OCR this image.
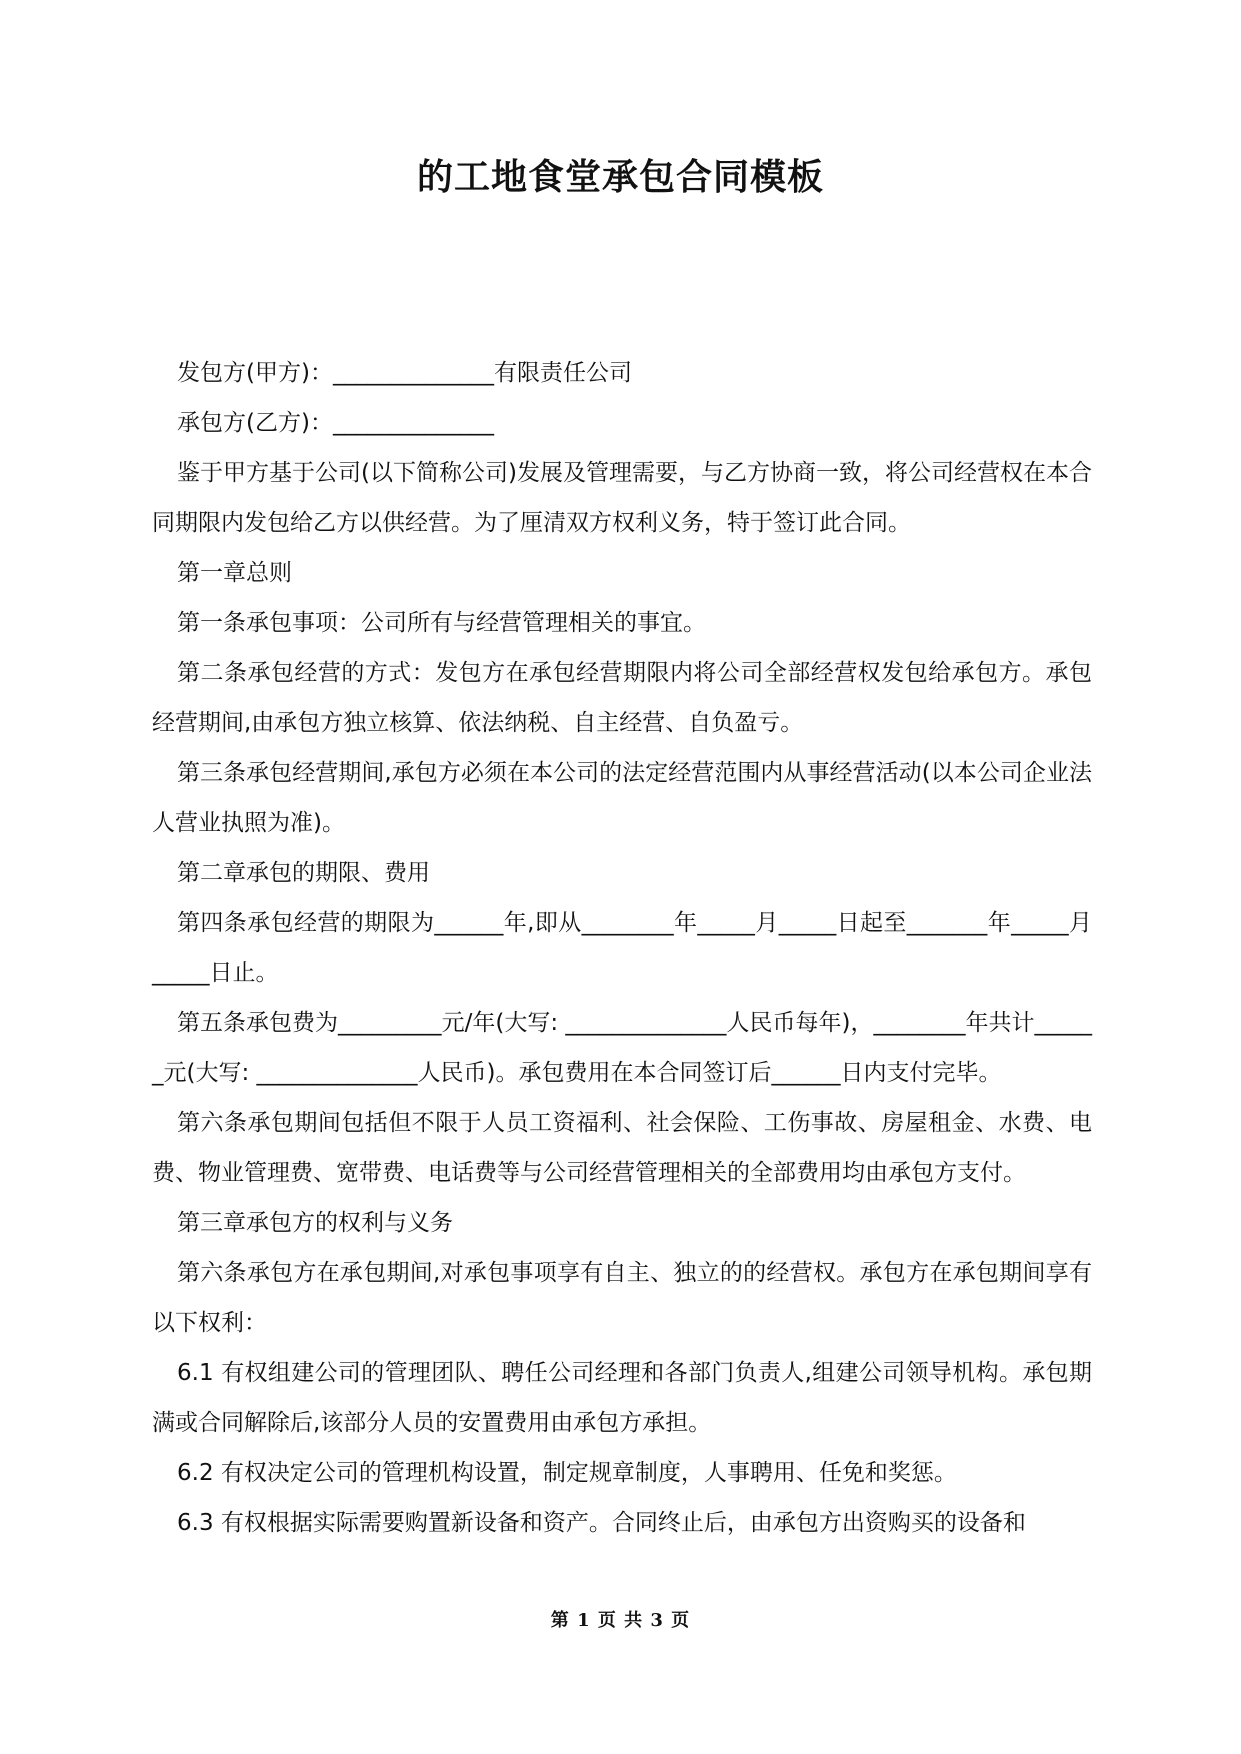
的工地食堂承包合同模板

发包方(甲方)：______________有限责任公司

承包方(乙方)：______________

鉴于甲方基于公司(以下简称公司)发展及管理需要，与乙方协商一致，将公司经营权在本合同期限内发包给乙方以供经营。为了厘清双方权利义务，特于签订此合同。

第一章总则

第一条承包事项：公司所有与经营管理相关的事宜。

第二条承包经营的方式：发包方在承包经营期限内将公司全部经营权发包给承包方。承包经营期间,由承包方独立核算、依法纳税、自主经营、自负盈亏。

第三条承包经营期间,承包方必须在本公司的法定经营范围内从事经营活动(以本公司企业法人营业执照为准)。

第二章承包的期限、费用

第四条承包经营的期限为______年,即从________年_____月_____日起至_______年_____月_____日止。

第五条承包费为_________元/年(大写: ______________人民币每年)，________年共计______元(大写: ______________人民币)。承包费用在本合同签订后______日内支付完毕。

第六条承包期间包括但不限于人员工资福利、社会保险、工伤事故、房屋租金、水费、电费、物业管理费、宽带费、电话费等与公司经营管理相关的全部费用均由承包方支付。

第三章承包方的权利与义务

第六条承包方在承包期间,对承包事项享有自主、独立的的经营权。承包方在承包期间享有以下权利：

6.1 有权组建公司的管理团队、聘任公司经理和各部门负责人,组建公司领导机构。承包期满或合同解除后,该部分人员的安置费用由承包方承担。

6.2 有权决定公司的管理机构设置，制定规章制度，人事聘用、任免和奖惩。

6.3 有权根据实际需要购置新设备和资产。合同终止后，由承包方出资购买的设备和

第 1 页 共 3 页
